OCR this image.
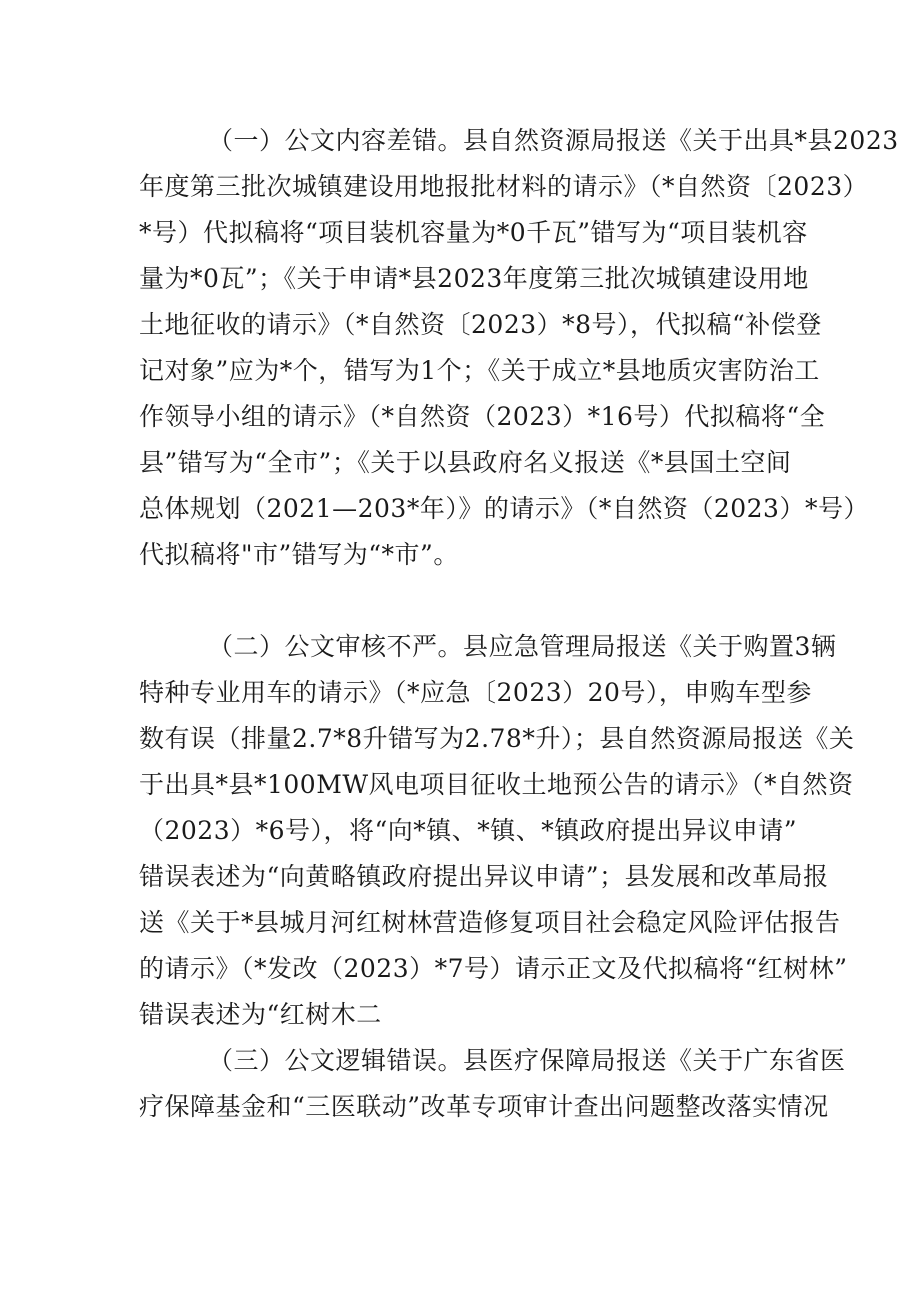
（一）公文内容差错。县自然资源局报送《关于出具*县2023
年度第三批次城镇建设用地报批材料的请示》（*自然资〔2023）
*号）代拟稿将“项目装机容量为*0千瓦”错写为“项目装机容
量为*0瓦”；《关于申请*县2023年度第三批次城镇建设用地
土地征收的请示》（*自然资〔2023）*8号），代拟稿“补偿登
记对象”应为*个，错写为1个；《关于成立*县地质灾害防治工
作领导小组的请示》（*自然资（2023）*16号）代拟稿将“全
县”错写为“全市”；《关于以县政府名义报送《*县国土空间
总体规划（2021—203*年）》的请示》（*自然资（2023）*号）
代拟稿将"市”错写为“*市”。
（二）公文审核不严。县应急管理局报送《关于购置3辆
特种专业用车的请示》（*应急〔2023）20号），申购车型参
数有误（排量2.7*8升错写为2.78*升）；县自然资源局报送《关
于出具*县*100MW风电项目征收土地预公告的请示》（*自然资
（2023）*6号），将“向*镇、*镇、*镇政府提出异议申请”
错误表述为“向黄略镇政府提出异议申请”；县发展和改革局报
送《关于*县城月河红树林营造修复项目社会稳定风险评估报告
的请示》（*发改（2023）*7号）请示正文及代拟稿将“红树林”
错误表述为“红树木二
（三）公文逻辑错误。县医疗保障局报送《关于广东省医
疗保障基金和“三医联动”改革专项审计查出问题整改落实情况
